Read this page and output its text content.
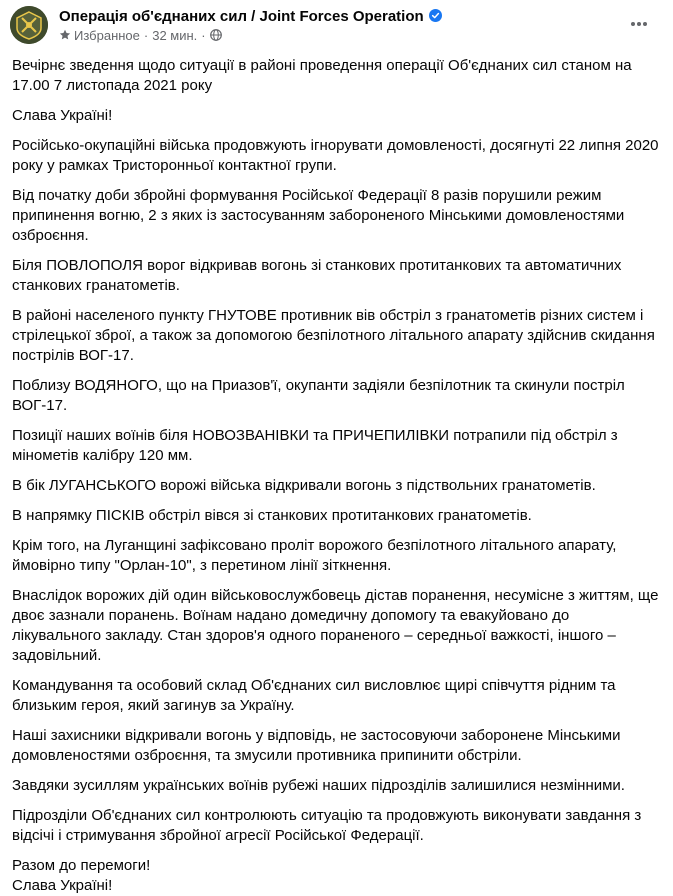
Операція об'єднаних сил / Joint Forces Operation
Избранное · 32 мин. ·

Вечірнє зведення щодо ситуації в районі проведення операції Об'єднаних сил станом на 17.00 7 листопада 2021 року

Слава Україні!

Російсько-окупаційні війська продовжують ігнорувати домовленості, досягнуті 22 липня 2020 року у рамках Тристоронньої контактної групи.

Від початку доби збройні формування Російської Федерації 8 разів порушили режим припинення вогню, 2 з яких із застосуванням забороненого Мінськими домовленостями озброєння.

Біля ПОВЛОПОЛЯ ворог відкривав вогонь зі станкових протитанкових та автоматичних станкових гранатометів.

В районі населеного пункту ГНУТОВЕ противник вів обстріл з гранатометів різних систем і стрілецької зброї, а також за допомогою безпілотного літального апарату здійснив скидання пострілів ВОГ-17.

Поблизу ВОДЯНОГО, що на Приазов'ї, окупанти задіяли безпілотник та скинули постріл ВОГ-17.

Позиції наших воїнів біля НОВОЗВАНІВКИ та ПРИЧЕПИЛІВКИ потрапили під обстріл з мінометів калібру 120 мм.

В бік ЛУГАНСЬКОГО ворожі війська відкривали вогонь з підствольних гранатометів.

В напрямку ПІСКІВ обстріл вівся зі станкових протитанкових гранатометів.

Крім того, на Луганщині зафіксовано проліт ворожого безпілотного літального апарату, ймовірно типу "Орлан-10", з перетином лінії зіткнення.

Внаслідок ворожих дій один військовослужбовець дістав поранення, несумісне з життям, ще двоє зазнали поранень. Воїнам надано домедичну допомогу та евакуйовано до лікувального закладу. Стан здоров'я одного пораненого – середньої важкості, іншого – задовільний.

Командування та особовий склад Об'єднаних сил висловлює щирі співчуття рідним та близьким героя, який загинув за Україну.

Наші захисники відкривали вогонь у відповідь, не застосовуючи заборонене Мінськими домовленостями озброєння, та змусили противника припинити обстріли.

Завдяки зусиллям українських воїнів рубежі наших підрозділів залишилися незмінними.

Підрозділи Об'єднаних сил контролюють ситуацію та продовжують виконувати завдання з відсічі і стримування збройної агресії Російської Федерації.

Разом до перемоги!
Слава Україні!
